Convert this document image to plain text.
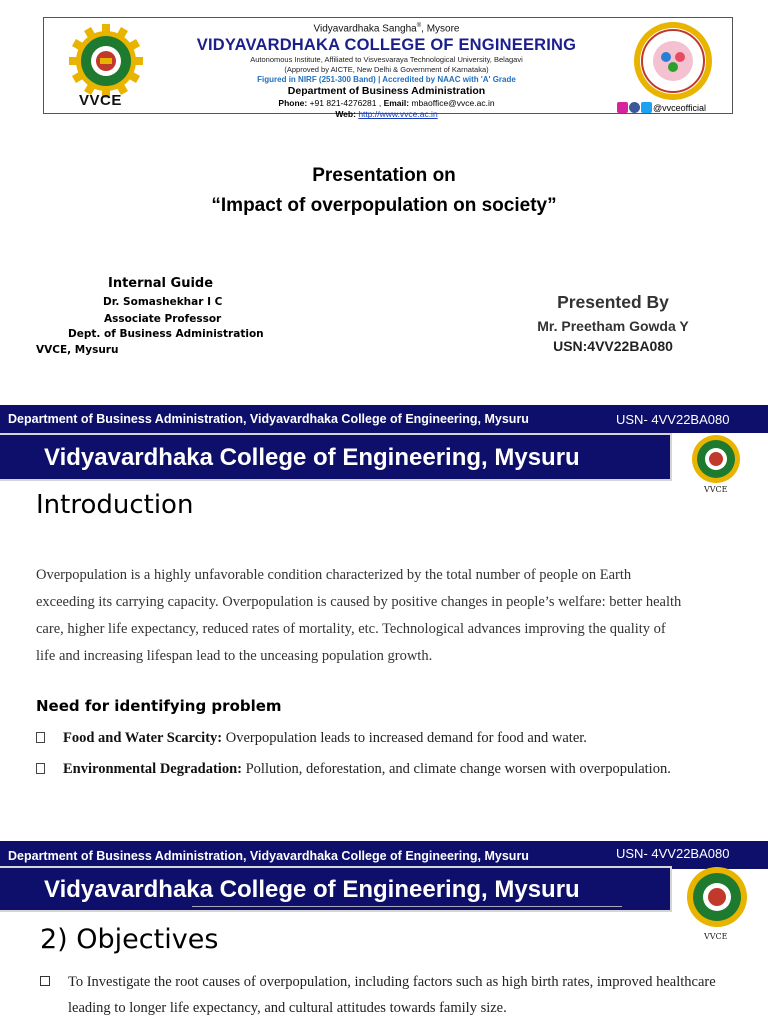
VVCE
Vidyavardhaka Sangha®, Mysore
VIDYAVARDHAKA COLLEGE OF ENGINEERING
Autonomous Institute, Affiliated to Visvesvaraya Technological University, Belagavi
(Approved by AICTE, New Delhi & Government of Karnataka)
Figured in NIRF (251-300 Band) | Accredited by NAAC with 'A' Grade
Department of Business Administration
Phone: +91 821-4276281 , Email: mbaoffice@vvce.ac.in
Web: http://www.vvce.ac.in
@vvceofficial
Presentation on
“Impact of overpopulation on society”
Internal Guide
Dr. Somashekhar I C
Associate Professor
Dept. of Business Administration
VVCE, Mysuru
Presented By
Mr. Preetham Gowda Y
USN:4VV22BA080
Department of Business Administration, Vidyavardhaka College of Engineering, Mysuru	USN- 4VV22BA080
Vidyavardhaka College of Engineering, Mysuru
VVCE
Introduction
Overpopulation is a highly unfavorable condition characterized by the total number of people on Earth
exceeding its carrying capacity. Overpopulation is caused by positive changes in people’s welfare: better health
care, higher life expectancy, reduced rates of mortality, etc. Technological advances improving the quality of
life and increasing lifespan lead to the unceasing population growth.
Need for identifying problem
Food and Water Scarcity: Overpopulation leads to increased demand for food and water.
Environmental Degradation: Pollution, deforestation, and climate change worsen with overpopulation.
Department of Business Administration, Vidyavardhaka College of Engineering, Mysuru	USN- 4VV22BA080
Vidyavardhaka College of Engineering, Mysuru
VVCE
2) Objectives
To Investigate the root causes of overpopulation, including factors such as high birth rates, improved healthcare leading to longer life expectancy, and cultural attitudes towards family size.
